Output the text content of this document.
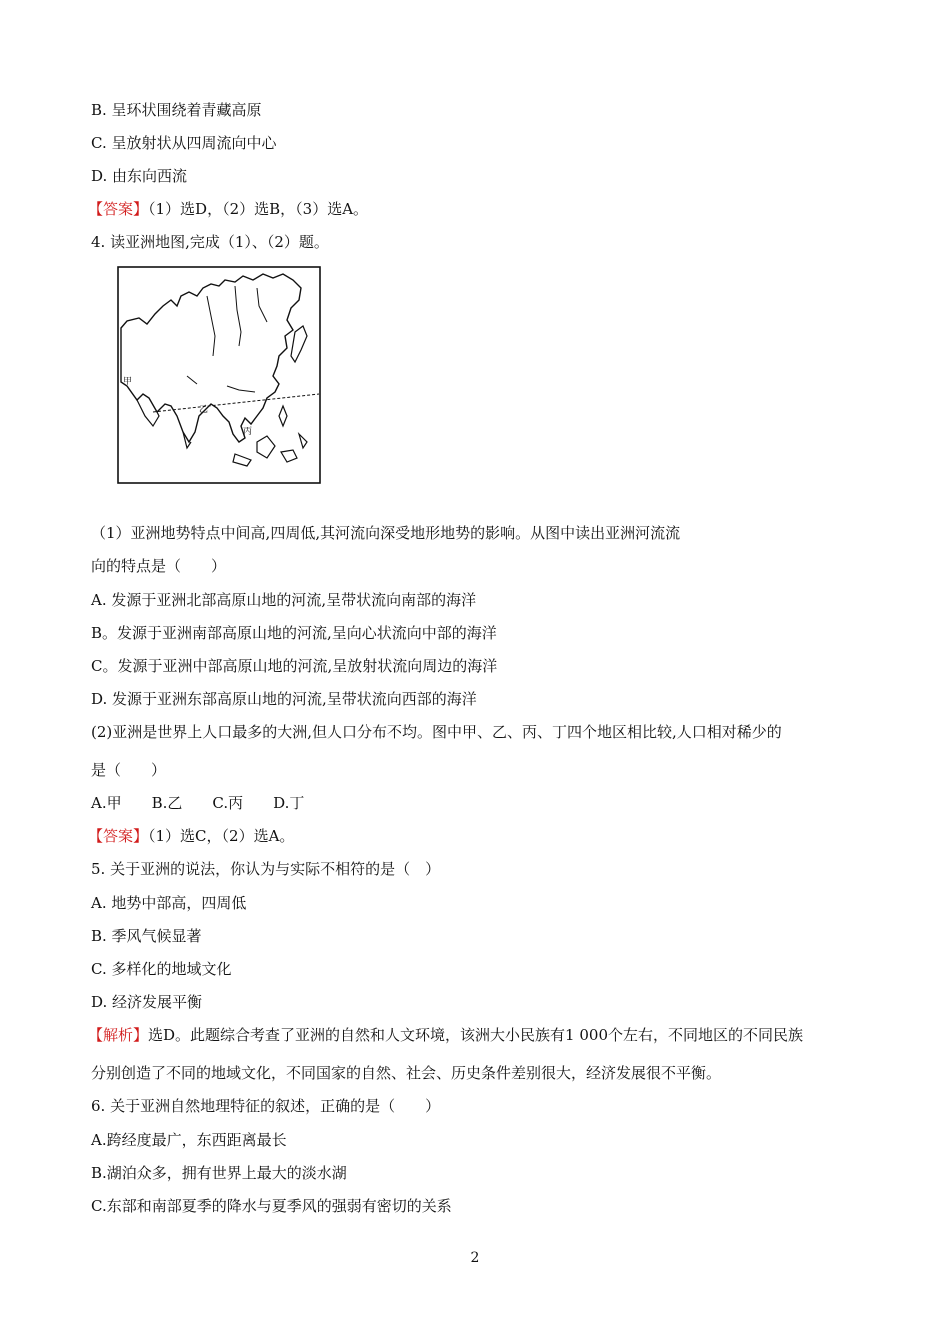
B. 呈环状围绕着青藏高原
C. 呈放射状从四周流向中心
D. 由东向西流
【答案】（1）选D，（2）选B，（3）选A。
4. 读亚洲地图,完成（1）、（2）题。
甲
乙
丙
（1）亚洲地势特点中间高,四周低,其河流向深受地形地势的影响。从图中读出亚洲河流流
向的特点是（　　）
A. 发源于亚洲北部高原山地的河流,呈带状流向南部的海洋
B。发源于亚洲南部高原山地的河流,呈向心状流向中部的海洋
C。发源于亚洲中部高原山地的河流,呈放射状流向周边的海洋
D. 发源于亚洲东部高原山地的河流,呈带状流向西部的海洋
(2)亚洲是世界上人口最多的大洲,但人口分布不均。图中甲、乙、丙、丁四个地区相比较,人口相对稀少的
是（　　）
A.甲　　B.乙　　C.丙　　D.丁
【答案】（1）选C，（2）选A。
5. 关于亚洲的说法，你认为与实际不相符的是（　）
A. 地势中部高，四周低
B. 季风气候显著
C. 多样化的地域文化
D. 经济发展平衡
【解析】选D。此题综合考查了亚洲的自然和人文环境，该洲大小民族有1 000个左右，不同地区的不同民族
分别创造了不同的地域文化，不同国家的自然、社会、历史条件差别很大，经济发展很不平衡。
6. 关于亚洲自然地理特征的叙述，正确的是（　　）
A.跨经度最广，东西距离最长
B.湖泊众多，拥有世界上最大的淡水湖
C.东部和南部夏季的降水与夏季风的强弱有密切的关系
2
